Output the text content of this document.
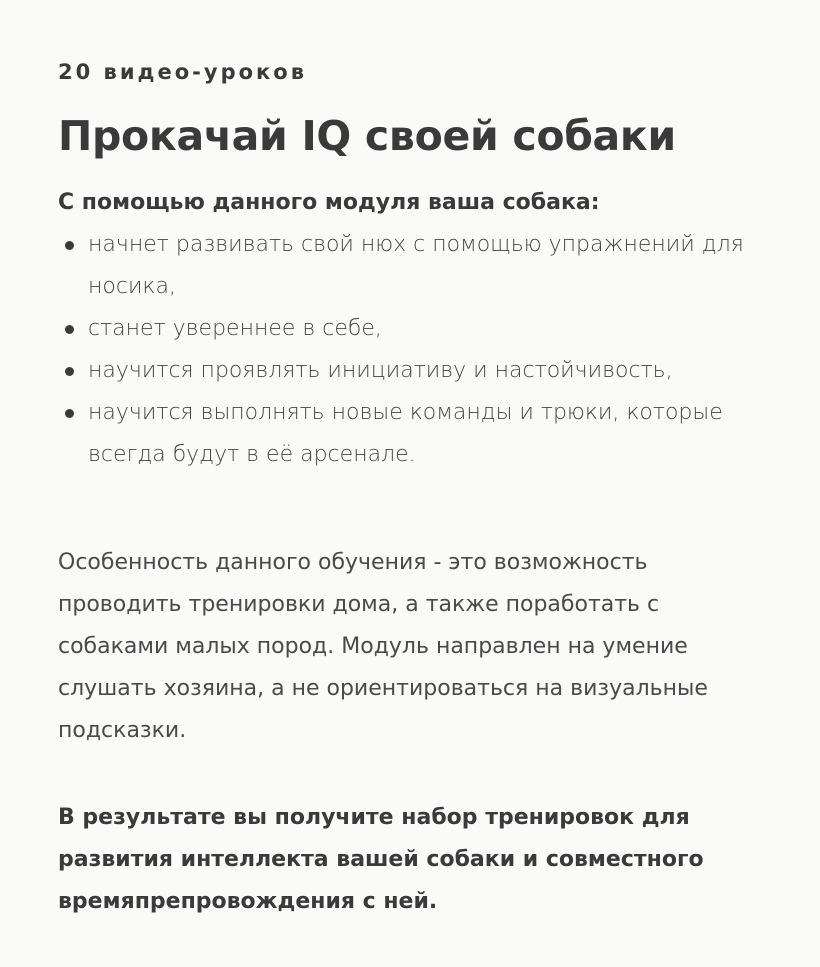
20 видео-уроков

Прокачай IQ своей собаки

С помощью данного модуля ваша собака:

начнет развивать свой нюх с помощью упражнений для носика,
станет увереннее в себе,
научится проявлять инициативу и настойчивость,
научится выполнять новые команды и трюки, которые всегда будут в её арсенале.

Особенность данного обучения - это возможность проводить тренировки дома, а также поработать с собаками малых пород. Модуль направлен на умение слушать хозяина, а не ориентироваться на визуальные подсказки.

В результате вы получите набор тренировок для развития интеллекта вашей собаки и совместного времяпрепровождения с ней.
